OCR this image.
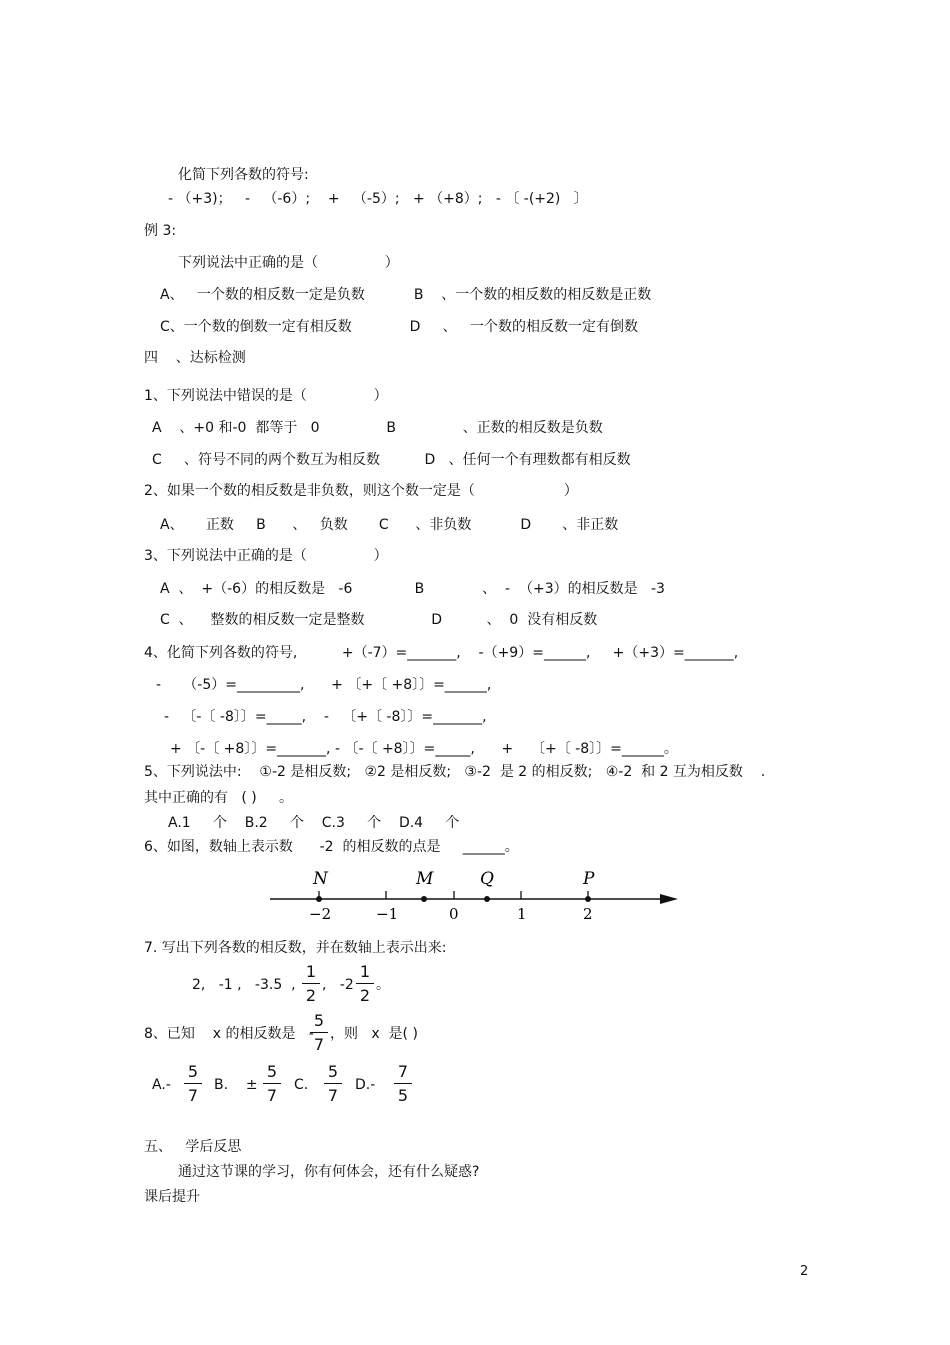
化简下列各数的符号:
- （+3)；   -   （-6）;    +   （-5）;   + （+8）;   - 〔 -(+2)   〕
例 3:
下列说法中正确的是（               ）
A、   一个数的相反数一定是负数           B    、一个数的相反数的相反数是正数
C、一个数的倒数一定有相反数             D     、   一个数的相反数一定有倒数
四    、达标检测
1、下列说法中错误的是（               ）
A    、+0 和-0  都等于   0               B               、正数的相反数是负数
C     、符号不同的两个数互为相反数          D   、任何一个有理数都有相反数
2、如果一个数的相反数是非负数，则这个数一定是（                    ）
A、     正数     B      、   负数       C      、非负数           D       、非正数
3、下列说法中正确的是（               ）
A  、  +（-6）的相反数是   -6              B             、  -  （+3）的相反数是   -3
C  、    整数的相反数一定是整数               D          、  0  没有相反数
4、化简下列各数的符号,          +（-7）=_______,    -（+9）=______,     +（+3）=_______,
-     （-5）=_________,      + 〔+〔 +8〕〕=______,
-   〔-〔 -8〕〕=_____,    -   〔+〔 -8〕〕=_______,
+ 〔-〔 +8〕〕=_______, - 〔-〔 +8〕〕=_____,      +    〔+〔 -8〕〕=______。
5、下列说法中:    ①-2 是相反数;   ②2 是相反数;   ③-2  是 2 的相反数;   ④-2  和 2 互为相反数    .
其中正确的有   ( )     。
A.1     个    B.2     个    C.3     个    D.4     个
6、如图，数轴上表示数      -2  的相反数的点是     ______。
N	M	Q	P
−2	−1	0	1	2
7. 写出下列各数的相反数，并在数轴上表示出来:
2,   -1 ,   -3.5  ,
1
2
,   -2
1
2
。
8、已知    x 的相反数是   -
5
7
，则   x  是( )
A.-
5
7
B.    ±
5
7
C.
5
7
D.-
7
5
五、   学后反思
通过这节课的学习，你有何体会，还有什么疑惑?
课后提升
2
